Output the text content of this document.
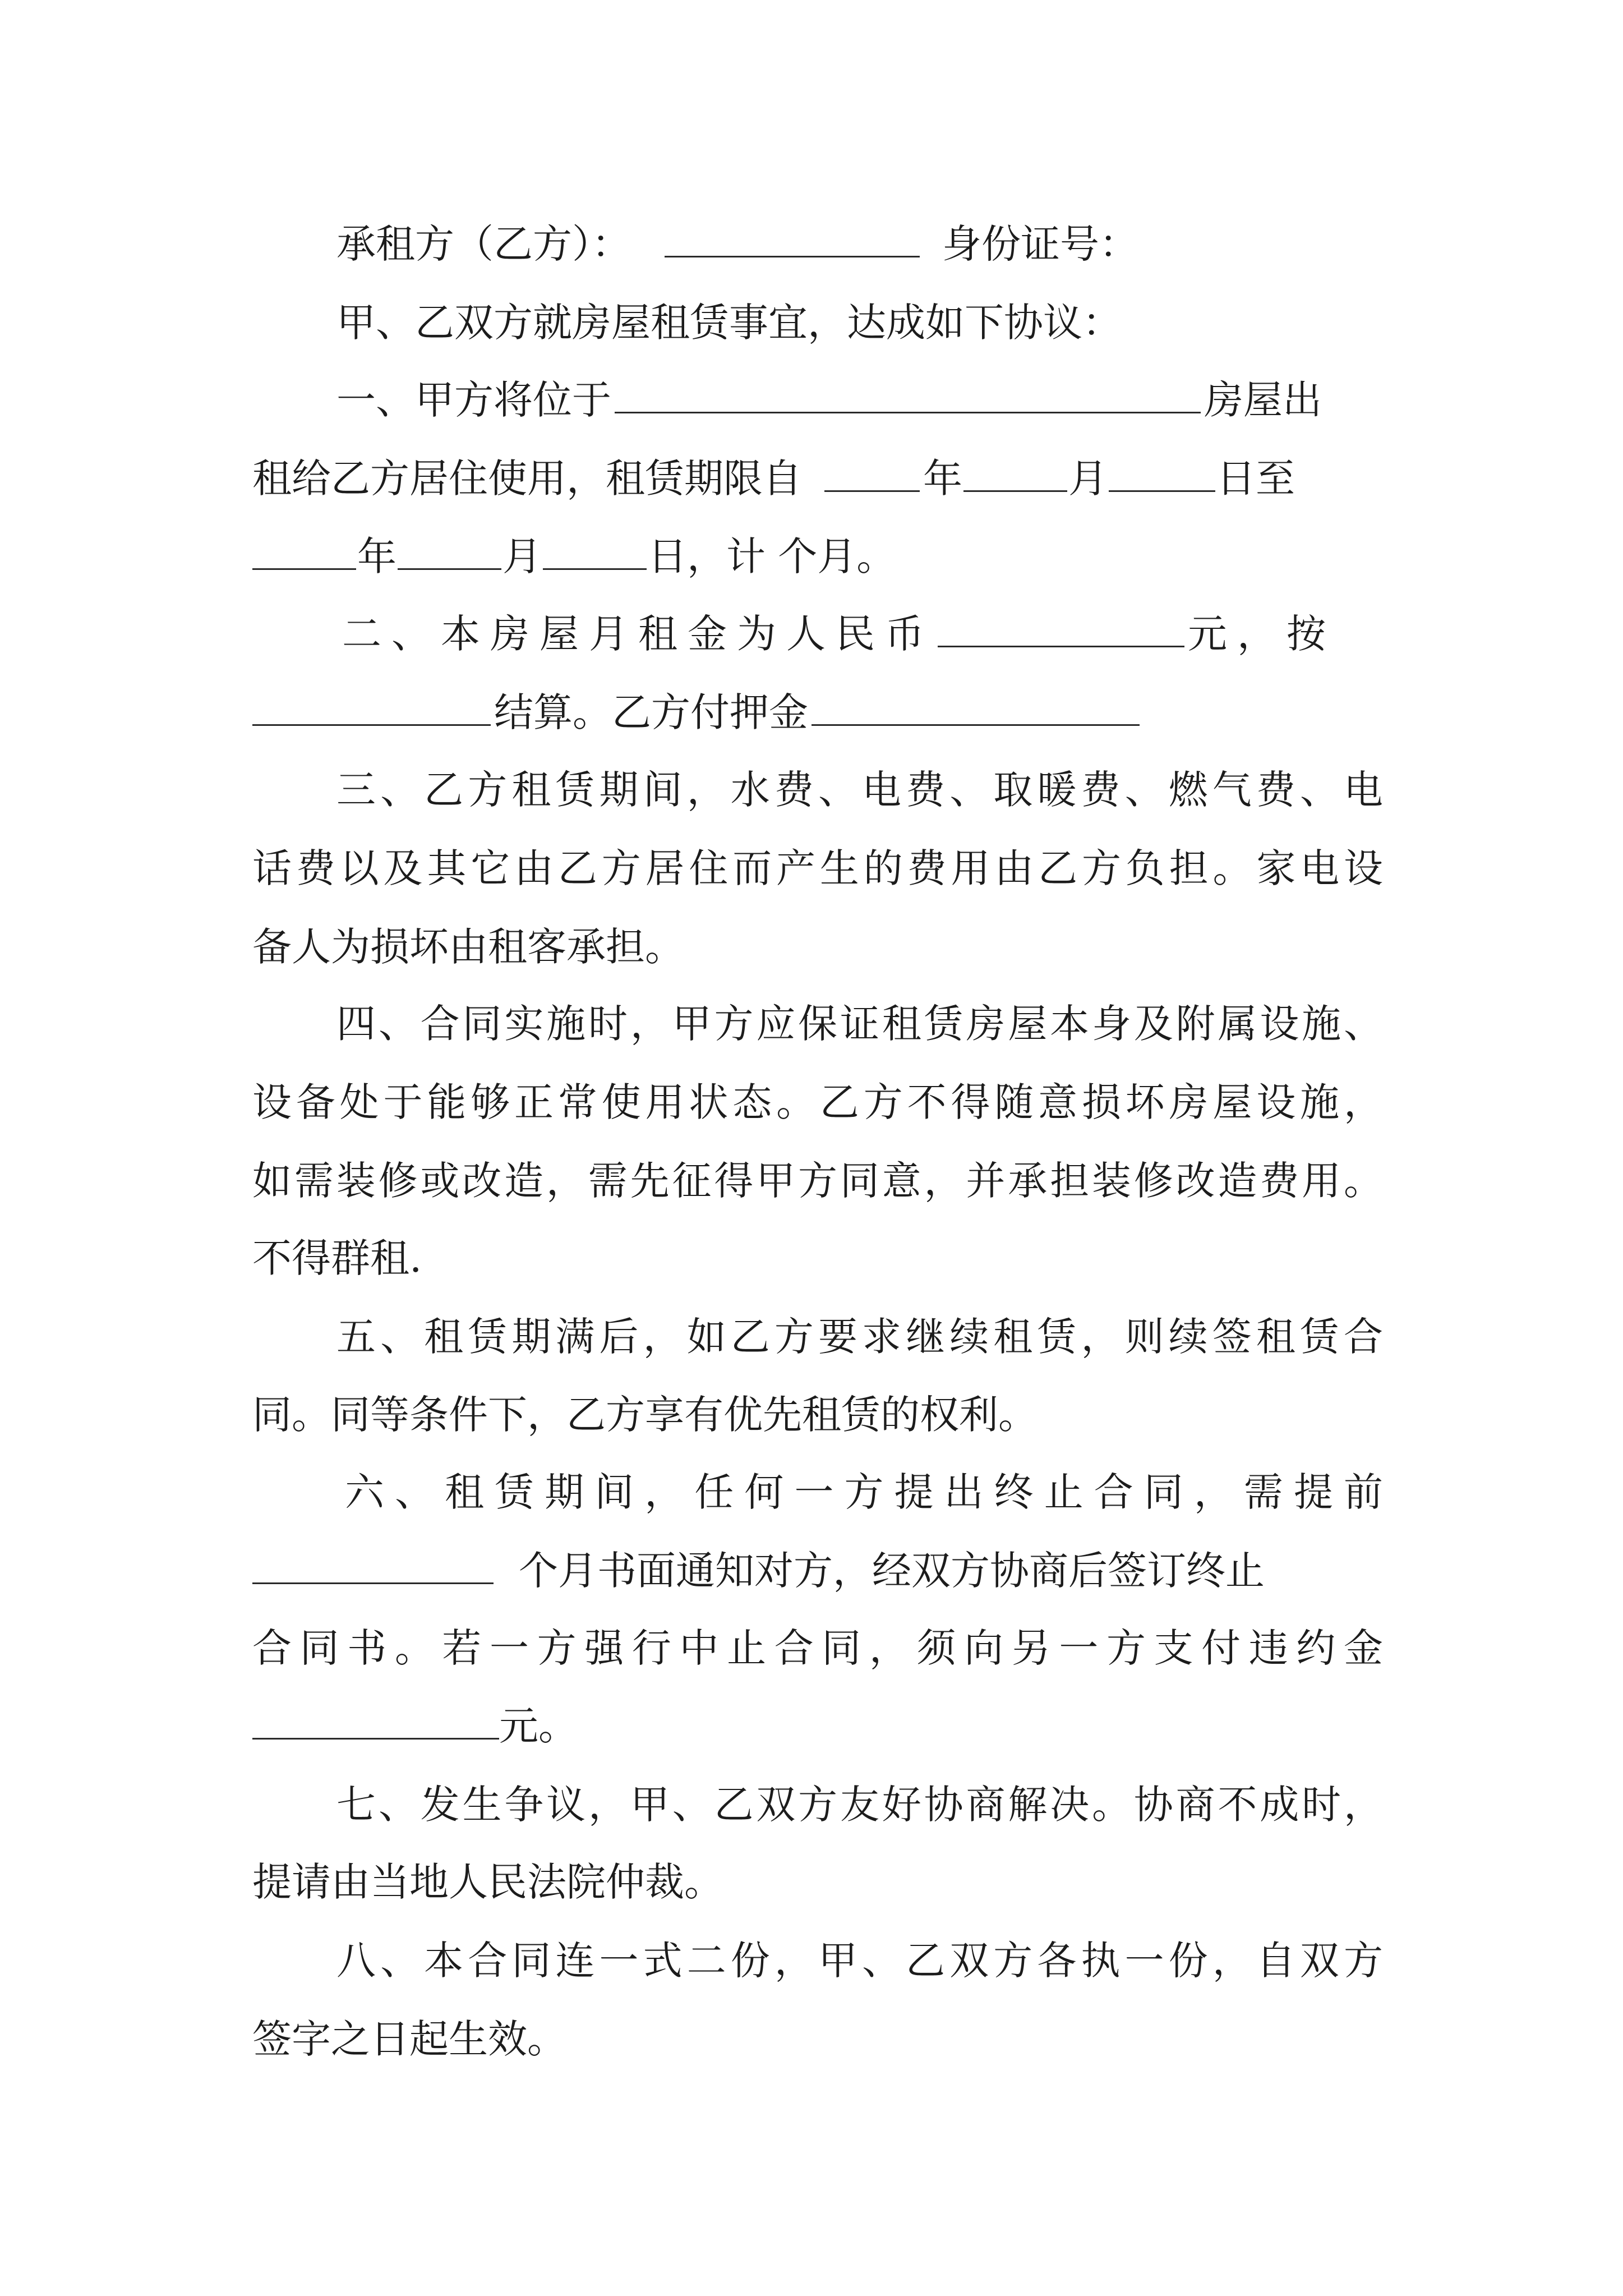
承租方（乙方）：	身份证号：

甲、乙双方就房屋租赁事宜，达成如下协议：

一、甲方将位于	房屋出

租给乙方居住使用，租赁期限自	年	月	日至

年	月	日，计 个月。

二、本房屋月租金为人民币	元，按

结算。乙方付押金

三、乙方租赁期间，水费、电费、取暖费、燃气费、电

话费以及其它由乙方居住而产生的费用由乙方负担。家电设

备人为损坏由租客承担。

四、合同实施时，甲方应保证租赁房屋本身及附属设施、

设备处于能够正常使用状态。乙方不得随意损坏房屋设施，

如需装修或改造，需先征得甲方同意，并承担装修改造费用。

不得群租.

五、租赁期满后，如乙方要求继续租赁，则续签租赁合

同。同等条件下，乙方享有优先租赁的权利。

六、租赁期间，任何一方提出终止合同，需提前

个月书面通知对方，经双方协商后签订终止

合同书。若一方强行中止合同，须向另一方支付违约金

元。

七、发生争议，甲、乙双方友好协商解决。协商不成时，

提请由当地人民法院仲裁。

八、本合同连一式二份，甲、乙双方各执一份，自双方

签字之日起生效。
